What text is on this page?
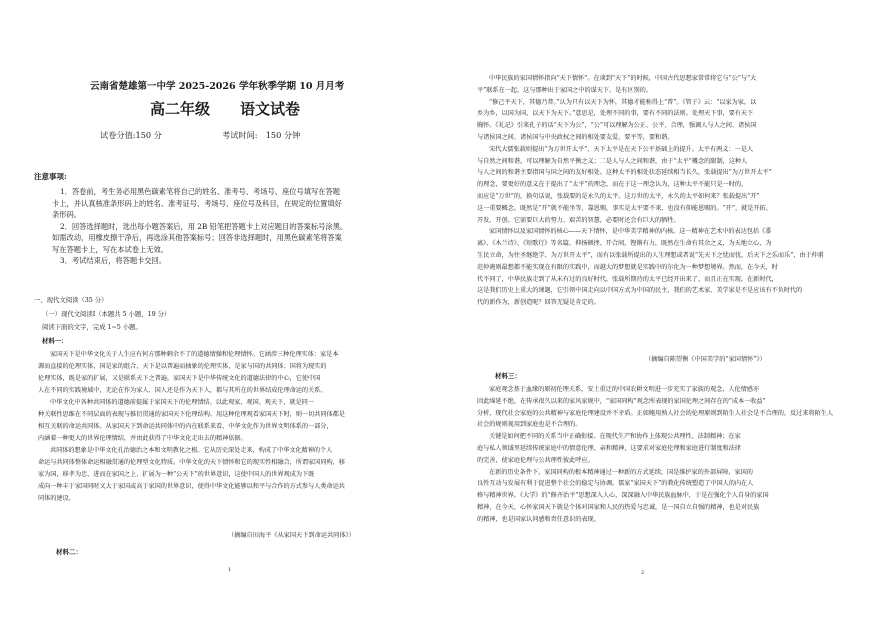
云南省楚雄第一中学 2025-2026 学年秋季学期 10 月月考
高二年级　　语文试卷
试卷分值:150 分	考试时间:　150 分钟
注意事项:
1．答卷前，考生务必用黑色碳素笔将自己的姓名、准考号、考场号、座位号填写在答题
卡上，并认真核准条形码上的姓名、准考证号、考场号、座位号及科目，在规定的位置填好
条形码。
2．回答选择题时，选出每小题答案后，用 2B 铅笔把答题卡上对应题目的答案标号涂黑。
如需改动，用橡皮擦干净后，再选涂其他答案标号；回答非选择题时，用黑色碳素笔将答案
写在答题卡上，写在本试卷上无效。
3．考试结束后，将答题卡交回。
一、现代文阅读（35 分）
（一）现代文阅读Ⅰ（本题共 5 小题，19 分）
阅读下面的文字，完成 1~5 小题。
材料一：
家国天下是中华文化关于人生应有何方那种剩余不了的道德情操和伦理情怀。它涵涉三种伦理实体：家是本
源而直接的伦理实体，国是家的组合，天下是以普遍而抽象的伦理实体，是家与国的共同体；国将为现实的
伦理实体，既是家的扩展，又是联系天下之普遍。家国天下是中华传统文化的道德法律的中心，它使中国
人在不同的实践境域中，无论在作为家人、国人还是作为天下人，都与其所在的世界结成伦理命运的关系。
中华文化中各种共同体的道德前提属于家国天下的伦理情结。以此观家、观国、观天下，就是同一
种关联性思维在不同层面的表现与推衍贯通的家国天下伦理结构。用这种伦理观看家国天下时，则一切共同体都是
相互关联的命运共同体。从家国天下到命运共同体中的内在联系来看，中华文化作为世界文明体系的一部分，
内涵着一种更大的世界伦理情结，并由此获得了中华文化走出去的精神依据。
共同体的想象是中华文化孔治德治之本和文明教化之根。它从历史深处走来，构成了中华文化精神的个人
命运与共同体整体命运相融贯通的伦理型文化特质。中华文化的天下情怀和它的现实性相融合，所谓家国同构，移
家为国，移孝为忠，进而在家国之上，扩展为一种“公天下”的世界意识，这使中国人的世界观成为下既
成向一种丰于家国同时又大于家国或高于家国的世界意识，使得中华文化能够以和平与合作的方式参与人类命运共
同体的建设。
（摘编自田海平《从家国天下到命运共同体》）
材料二：
1
中华民族的家国情怀指向“天下情怀”。在谈到“天下”的时候，中国古代思想家常常将它与“公”与“大
平”联系在一起，这与那种出于家国之中的谋天下、是有区别的。
“修己平天下，其德乃普。”认为只有以天下为怀，其德才能称得上“普”。《管子》云：“以家为家，以
乡为乡，以国为国，以天下为天下。”意思是，处理不同的事，要有不同的法则。处理天下事，要有天下
胸怀。《礼记》引来孔子的话“天下为公”，“公”可以理解为公正、公平、合理，强调人与人之间、诸侯国
与诸侯国之间、诸侯国与中央政权之间的相处要友爱、要平等，要和谐。
宋代大儒张载则提出“为万世开太平”，天下太平是在天下公平基础上的提升。太平有两义：一是人
与自然之间和谐，可以理解为自然平衡之义；二是人与人之间和谐，由于“太平”概念的限制，这种人
与人之间的和谐主要指国与国之间的友好相处。这种太平的相处状态延续相当长久，张载提出“为万世开太平”
的理念，要更好的意义在于提出了“太平”的理念，而在于这一理念认为，这种太平不能只是一时的，
而应是“万世”的，换句话说，张载要的是永久的太平。这万世的太平，永久的太平如何来？张载提出“开”
这一重要概念。既然是“开”就不能坐等、靠恩赐，事实是太平要不来，也没有仰能恩赐的。“开”，就是开拓、
开发、开创。它需要巨大的努力、艰苦的智慧，必要时还会有巨大的牺牲。
家国情怀以及家国情怀的核心——天下情怀，是中华美学精神的内核。这一精神在艺术中的表达包括《黍
离》、《木兰诗》、《短歌行》等名篇，抑扬顿挫、开合间，铿锵有力，既然在生命有其余之义，为天地立心、为
生民立命，为往圣继绝学、为万世开太平”，而有以张载所提出的人生理想或者说“先天下之忧而忧，后天下之乐而乐”，由于仲甫
范仲淹则最想都不能实现在有限的实践中，而越大的梦想就是实践中的尔化为一种梦想境界。然而，在今天，时
代不同了，中华民族走到了从未有过的良好时代。张载所期待的太平已经开出来了，而且正在实现。在新时代，
这是我们历史上重大的课题，它引领中国走向以中国方式为中国的民主，我们的艺术家、美学家是不是应该有不负时代的
代的新作为，新创造呢？回答无疑是肯定的。
（摘编自陈望衡《中国美学的“家国情怀”》）
材料三：
家庭观念基于血缘的原初伦理关系，安土重迁的中国农耕文明进一步充实了家族的观念，人伦情感亦
因此绵延不绝，在传承很久以来的家风家规中，“家国同构”观念所表现的家国伦理之间存在的“成本一收益”
分析，现代社会家庭的公共精神与家庭伦理建设并不矛盾。正如鲍用熟人社会的伦理原则到陌生人社会是不合理的，反过来将陌生人
社会的规则视用到家庭也是不合理的。
关键是如何把不同的关系当中正确衔接。在现代生产和协作上体现公共理性、法制精神；在家
庭与私人领域里延续传统家庭中的情意伦理、亲和精神，这要求对家庭伦理和家庭进行制度和法律
的完善，使家庭伦理与公共理性彼此呼应。
在新的历史条件下，家国同构的根本精神通过一种新的方式延续，国是维护家的外部屏障，家国的
良性互动与发展有利于促进整个社会的稳定与协调。儒家“家国天下”的教化传统塑造了中国人的内在人
格与精神世界，《大学》的“修齐治平”思想深入人心，深深融入中华民族血脉中，于是在强化个人自身的家国
精神，在今天，心怀家国天下就是个体对国家和人民的热爱与忠诚，是一国自立自强的精神，也是对民族
的精神，也是国家认同感和责任意识的表现。
2
